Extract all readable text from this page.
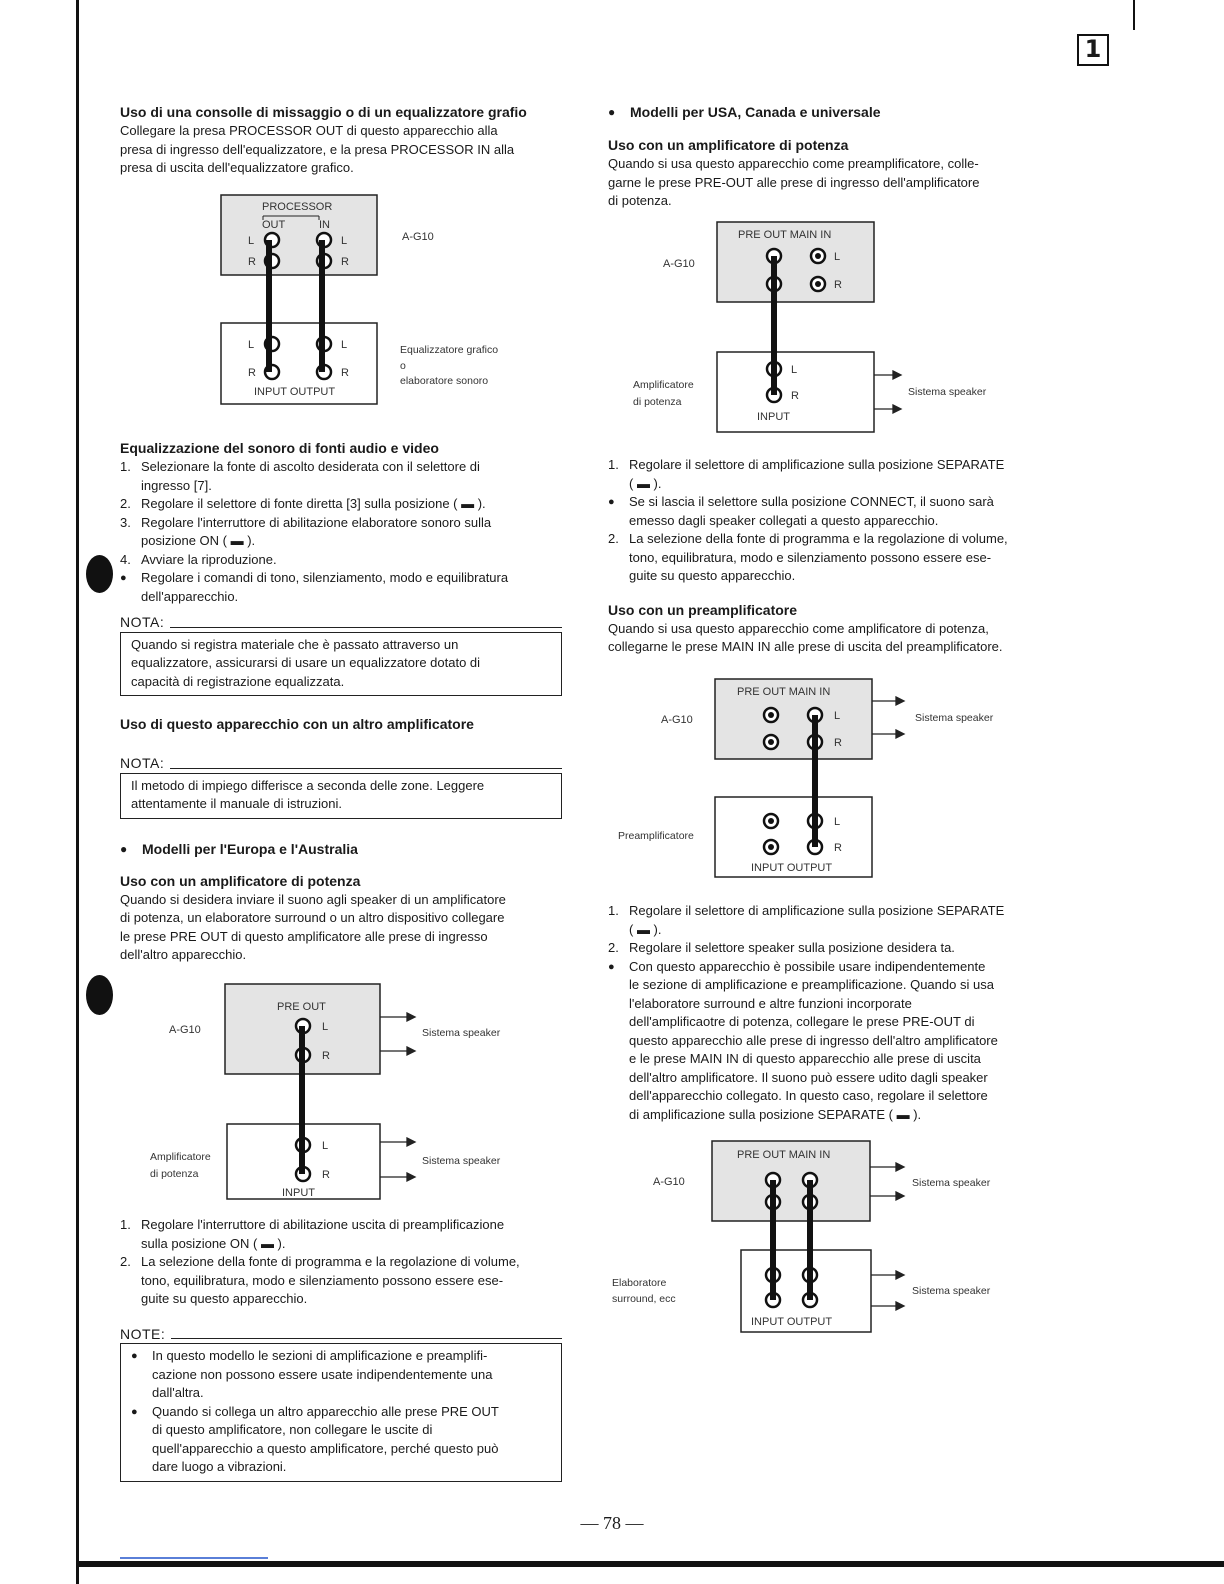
1

Uso di una consolle di missaggio o di un equalizzatore grafio

Collegare la presa PROCESSOR OUT di questo apparecchio alla

presa di ingresso dell'equalizzatore, e la presa PROCESSOR IN alla

presa di uscita dell'equalizzatore grafico.

PROCESSOR
OUT	IN
L
R
L
R
L
R
L
R
INPUT OUTPUT
A-G10
Equalizzatore grafico
o
elaboratore sonoro

Equalizzazione del sonoro di fonti audio e video

1. Selezionare la fonte di ascolto desiderata con il selettore di
ingresso [7].
2. Regolare il selettore di fonte diretta [3] sulla posizione ( ▬ ).
3. Regolare l'interruttore di abilitazione elaboratore sonoro sulla
posizione ON ( ▬ ).
4. Avviare la riproduzione.
● Regolare i comandi di tono, silenziamento, modo e equilibratura
dell'apparecchio.
NOTA:

Quando si registra materiale che è passato attraverso un

equalizzatore, assicurarsi di usare un equalizzatore dotato di

capacità di registrazione equalizzata.

Uso di questo apparecchio con un altro amplificatore

NOTA:

Il metodo di impiego differisce a seconda delle zone. Leggere

attentamente il manuale di istruzioni.

● Modelli per l'Europa e l'Australia

Uso con un amplificatore di potenza

Quando si desidera inviare il suono agli speaker di un amplificatore

di potenza, un elaboratore surround o un altro dispositivo collegare

le prese PRE OUT di questo amplificatore alle prese di ingresso

dell'altro apparecchio.

PRE OUT
L
R
L
R
INPUT
A-G10	Sistema speaker
Sistema speaker
Amplificatore
di potenza
1. Regolare l'interruttore di abilitazione uscita di preamplificazione
sulla posizione ON ( ▬ ).
2. La selezione della fonte di programma e la regolazione di volume,
tono, equilibratura, modo e silenziamento possono essere ese-
guite su questo apparecchio.
NOTE:
● In questo modello le sezioni di amplificazione e preamplifi-
cazione non possono essere usate indipendentemente una
dall'altra.
● Quando si collega un altro apparecchio alle prese PRE OUT
di questo amplificatore, non collegare le uscite di
quell'apparecchio a questo amplificatore, perché questo può
dare luogo a vibrazioni.

● Modelli per USA, Canada e universale

Uso con un amplificatore di potenza

Quando si usa questo apparecchio come preamplificatore, colle-

garne le prese PRE-OUT alle prese di ingresso dell'amplificatore

di potenza.

PRE OUT MAIN IN
L
R
L
R
INPUT
A-G10
Amplificatore
di potenza
Sistema speaker
1. Regolare il selettore di amplificazione sulla posizione SEPARATE
( ▬ ).
● Se si lascia il selettore sulla posizione CONNECT, il suono sarà
emesso dagli speaker collegati a questo apparecchio.
2. La selezione della fonte di programma e la regolazione di volume,
tono, equilibratura, modo e silenziamento possono essere ese-
guite su questo apparecchio.

Uso con un preamplificatore

Quando si usa questo apparecchio come amplificatore di potenza,

collegarne le prese MAIN IN alle prese di uscita del preamplificatore.

PRE OUT MAIN IN
L
R
L
R
INPUT OUTPUT
A-G10	Sistema speaker
Preamplificatore
1. Regolare il selettore di amplificazione sulla posizione SEPARATE
( ▬ ).
2. Regolare il selettore speaker sulla posizione desidera ta.
● Con questo apparecchio è possibile usare indipendentemente
le sezione di amplificazione e preamplificazione. Quando si usa
l'elaboratore surround e altre funzioni incorporate
dell'amplificaotre di potenza, collegare le prese PRE-OUT di
questo apparecchio alle prese di ingresso dell'altro amplificatore
e le prese MAIN IN di questo apparecchio alle prese di uscita
dell'altro amplificatore. Il suono può essere udito dagli speaker
dell'apparecchio collegato. In questo caso, regolare il selettore
di amplificazione sulla posizione SEPARATE ( ▬ ).
PRE OUT MAIN IN
INPUT OUTPUT
A-G10	Sistema speaker
Sistema speaker
Elaboratore
surround, ecc
— 78 —
